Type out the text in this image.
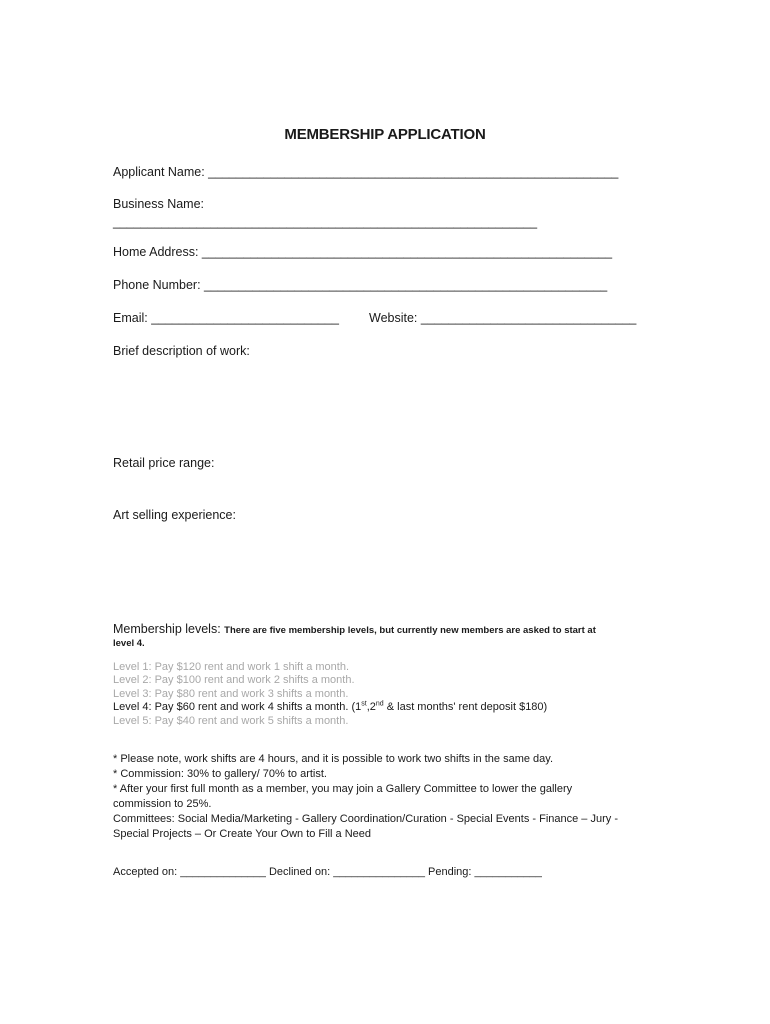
MEMBERSHIP APPLICATION
Applicant Name: ___________________________________________________________
Business Name:
_____________________________________________________________
Home Address: ___________________________________________________________
Phone Number: __________________________________________________________
Email: ___________________________ Website: _______________________________
Brief description of work:
Retail price range:
Art selling experience:
Membership levels: There are five membership levels, but currently new members are asked to start at
level 4.
Level 1: Pay $120 rent and work 1 shift a month.
Level 2: Pay $100 rent and work 2 shifts a month.
Level 3: Pay $80 rent and work 3 shifts a month.
Level 4: Pay $60 rent and work 4 shifts a month. (1st,2nd & last months' rent deposit $180)
Level 5: Pay $40 rent and work 5 shifts a month.
* Please note, work shifts are 4 hours, and it is possible to work two shifts in the same day.
* Commission: 30% to gallery/ 70% to artist.
* After your first full month as a member, you may join a Gallery Committee to lower the gallery
commission to 25%.
Committees: Social Media/Marketing - Gallery Coordination/Curation - Special Events - Finance – Jury -
Special Projects – Or Create Your Own to Fill a Need
Accepted on: ______________ Declined on: _______________ Pending: ___________
